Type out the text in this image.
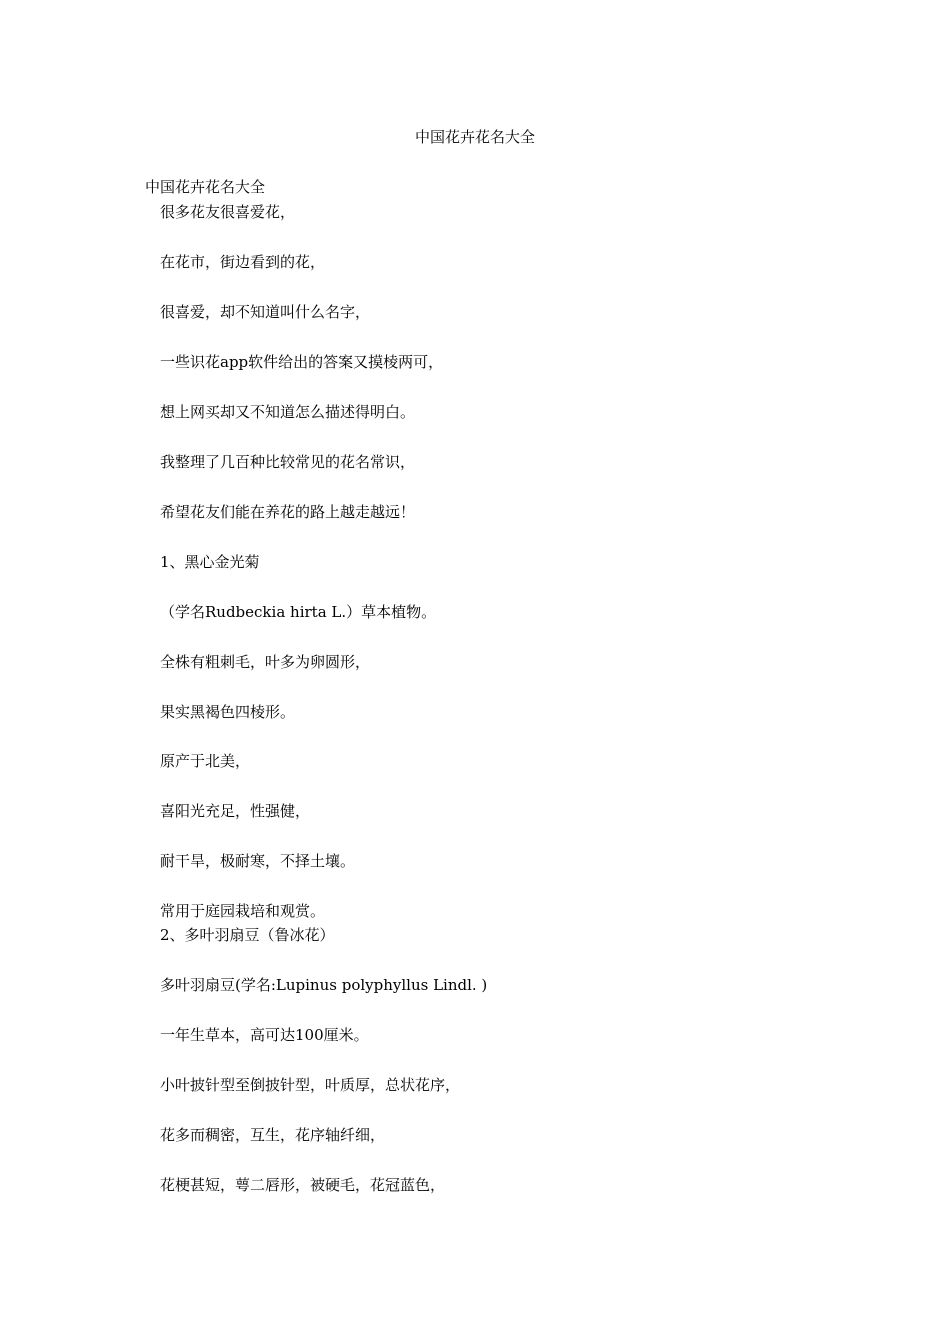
中国花卉花名大全
中国花卉花名大全
很多花友很喜爱花，
在花市，街边看到的花，
很喜爱，却不知道叫什么名字，
一些识花app软件给出的答案又摸棱两可，
想上网买却又不知道怎么描述得明白。
我整理了几百种比较常见的花名常识，
希望花友们能在养花的路上越走越远！
1、黑心金光菊
（学名Rudbeckia hirta L.）草本植物。
全株有粗刺毛，叶多为卵圆形，
果实黑褐色四棱形。
原产于北美，
喜阳光充足，性强健，
耐干旱，极耐寒，不择土壤。
常用于庭园栽培和观赏。
2、多叶羽扇豆（鲁冰花）
多叶羽扇豆(学名:Lupinus polyphyllus Lindl. )
一年生草本，高可达100厘米。
小叶披针型至倒披针型，叶质厚，总状花序，
花多而稠密，互生，花序轴纤细，
花梗甚短，萼二唇形，被硬毛，花冠蓝色，
